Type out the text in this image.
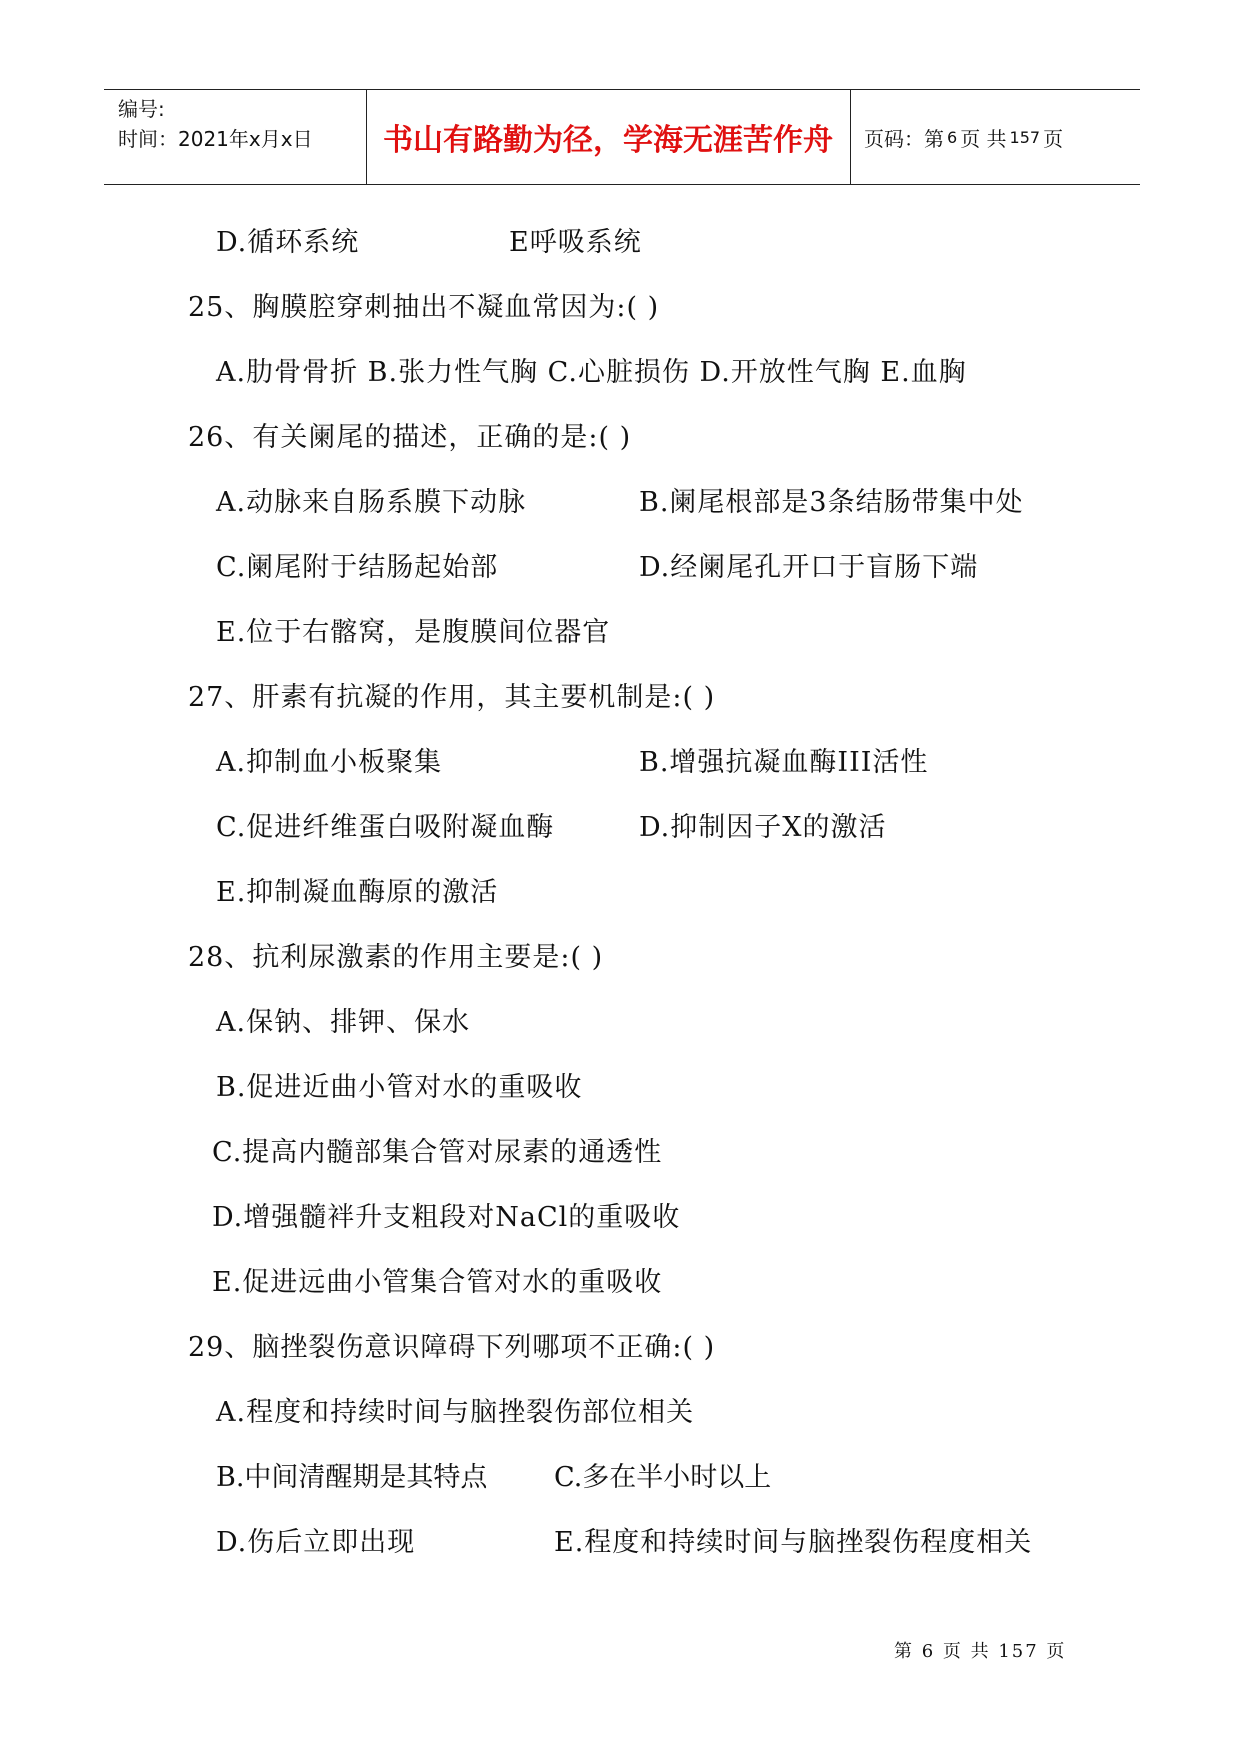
编号:
时间：2021年x月x日	书山有路勤为径，学海无涯苦作舟	页码：第 6 页 共 157 页
D.循环系统	E呼吸系统
25、胸膜腔穿刺抽出不凝血常因为:( )
A.肋骨骨折 B.张力性气胸 C.心脏损伤 D.开放性气胸 E.血胸
26、有关阑尾的描述，正确的是:( )
A.动脉来自肠系膜下动脉	B.阑尾根部是3条结肠带集中处
C.阑尾附于结肠起始部	D.经阑尾孔开口于盲肠下端
E.位于右髂窝，是腹膜间位器官
27、肝素有抗凝的作用，其主要机制是:( )
A.抑制血小板聚集	B.增强抗凝血酶III活性
C.促进纤维蛋白吸附凝血酶	D.抑制因子X的激活
E.抑制凝血酶原的激活
28、抗利尿激素的作用主要是:( )
A.保钠、排钾、保水
B.促进近曲小管对水的重吸收
C.提高内髓部集合管对尿素的通透性
D.增强髓袢升支粗段对NaCl的重吸收
E.促进远曲小管集合管对水的重吸收
29、脑挫裂伤意识障碍下列哪项不正确:( )
A.程度和持续时间与脑挫裂伤部位相关
B.中间清醒期是其特点 C.多在半小时以上
D.伤后立即出现	E.程度和持续时间与脑挫裂伤程度相关
第 6 页 共 157 页
